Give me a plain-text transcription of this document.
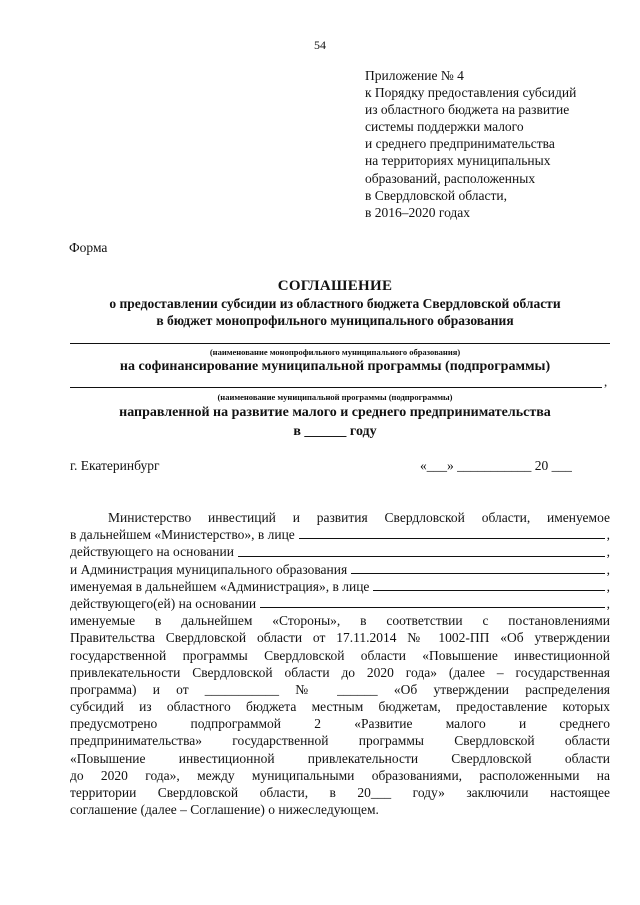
54
Приложение № 4
к Порядку предоставления субсидий
из областного бюджета на развитие
системы поддержки малого
и среднего предпринимательства
на территориях муниципальных
образований, расположенных
в Свердловской области,
в 2016–2020 годах
Форма
СОГЛАШЕНИЕ
о предоставлении субсидии из областного бюджета Свердловской области
в бюджет монопрофильного муниципального образования
(наименование монопрофильного муниципального образования)
на софинансирование муниципальной программы (подпрограммы)
,
(наименование муниципальной программы (подпрограммы)
направленной на развитие малого и среднего предпринимательства
в ______ году
г. Екатеринбург	«___» ___________ 20 ___
Министерство инвестиций и развития Свердловской области, именуемое
в дальнейшем «Министерство», в лице	,
действующего на основании	,
и Администрация муниципального образования	,
именуемая в дальнейшем «Администрация», в лице	,
действующего(ей) на основании	,
именуемые в дальнейшем «Стороны», в соответствии с постановлениями
Правительства Свердловской области от 17.11.2014 № 1002-ПП «Об утверждении
государственной программы Свердловской области «Повышение инвестиционной
привлекательности Свердловской области до 2020 года» (далее – государственная
программа) и от ___________ № ______ «Об утверждении распределения
субсидий из областного бюджета местным бюджетам, предоставление которых
предусмотрено подпрограммой 2 «Развитие малого и среднего
предпринимательства» государственной программы Свердловской области
«Повышение инвестиционной привлекательности Свердловской области
до 2020 года», между муниципальными образованиями, расположенными на
территории Свердловской области, в 20___ году» заключили настоящее
соглашение (далее – Соглашение) о нижеследующем.
